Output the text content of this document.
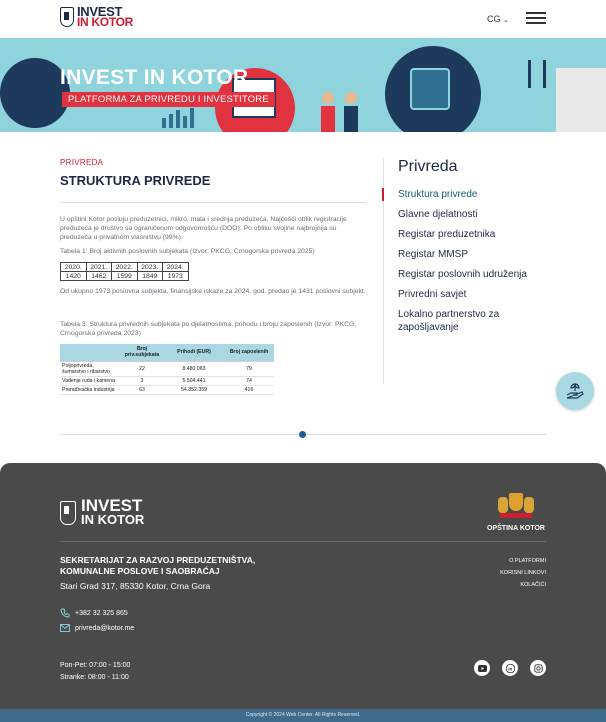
INVEST
IN KOTOR	CG ⌄
INVEST IN KOTOR
PLATFORMA ZA PRIVREDU I INVESTITORE
PRIVREDA
STRUKTURA PRIVREDE
U opštini Kotor posluju preduzetnici, mikro, mala i srednja preduzeća. Najčešći oblik registracije preduzeća je društvo sa ograničenom odgovornošću (DOO). Po obliku svojine najbrojnija su preduzeća u privatnom vlasništvu (99%).
Tabela 1: Broj aktivnih poslovnih subjekata (Izvor: PKCG, Crnogorska privreda 2025)
2020.	2021.	2022.	2023.	2024.
1420	1462	1599	1849	1973
Od ukupno 1973 poslovna subjekta, finansijske iskaze za 2024. god. predao je 1431 poslovni subjekt.
Tabela 3: Struktura privrednih subjekata po djelatnostima, prihodu i broju zaposlenih (Izvor: PKCG, Crnogorska privreda 2023)
	Broj priv.subjekata	Prihodi (EUR)	Broj zaposlenih
Poljoprivreda, šumarstvo i ribarstvo	22	8.480.063	79
Vađenje ruda i kamena	3	5.504.441	74
Prerađivačka industrija	63	54.852.359	416
Privreda
Struktura privrede
Glavne djelatnosti
Registar preduzetnika
Registar MMSP
Registar poslovnih udruženja
Privredni savjet
Lokalno partnerstvo za zapošljavanje
INVEST
IN KOTOR
OPŠTINA KOTOR
SEKRETARIJAT ZA RAZVOJ PREDUZETNIŠTVA,
KOMUNALNE POSLOVE I SAOBRAĆAJ
Stari Grad 317, 85330 Kotor, Crna Gora
O PLATFORMI
KORISNI LINKOVI
KOLAČIĆI
+382 32 325 865
privreda@kotor.me
Pon-Pet: 07:00 - 15:00
Stranke: 08:00 - 11:00
in
Copyright © 2024 Web Center. All Rights Reserved.
